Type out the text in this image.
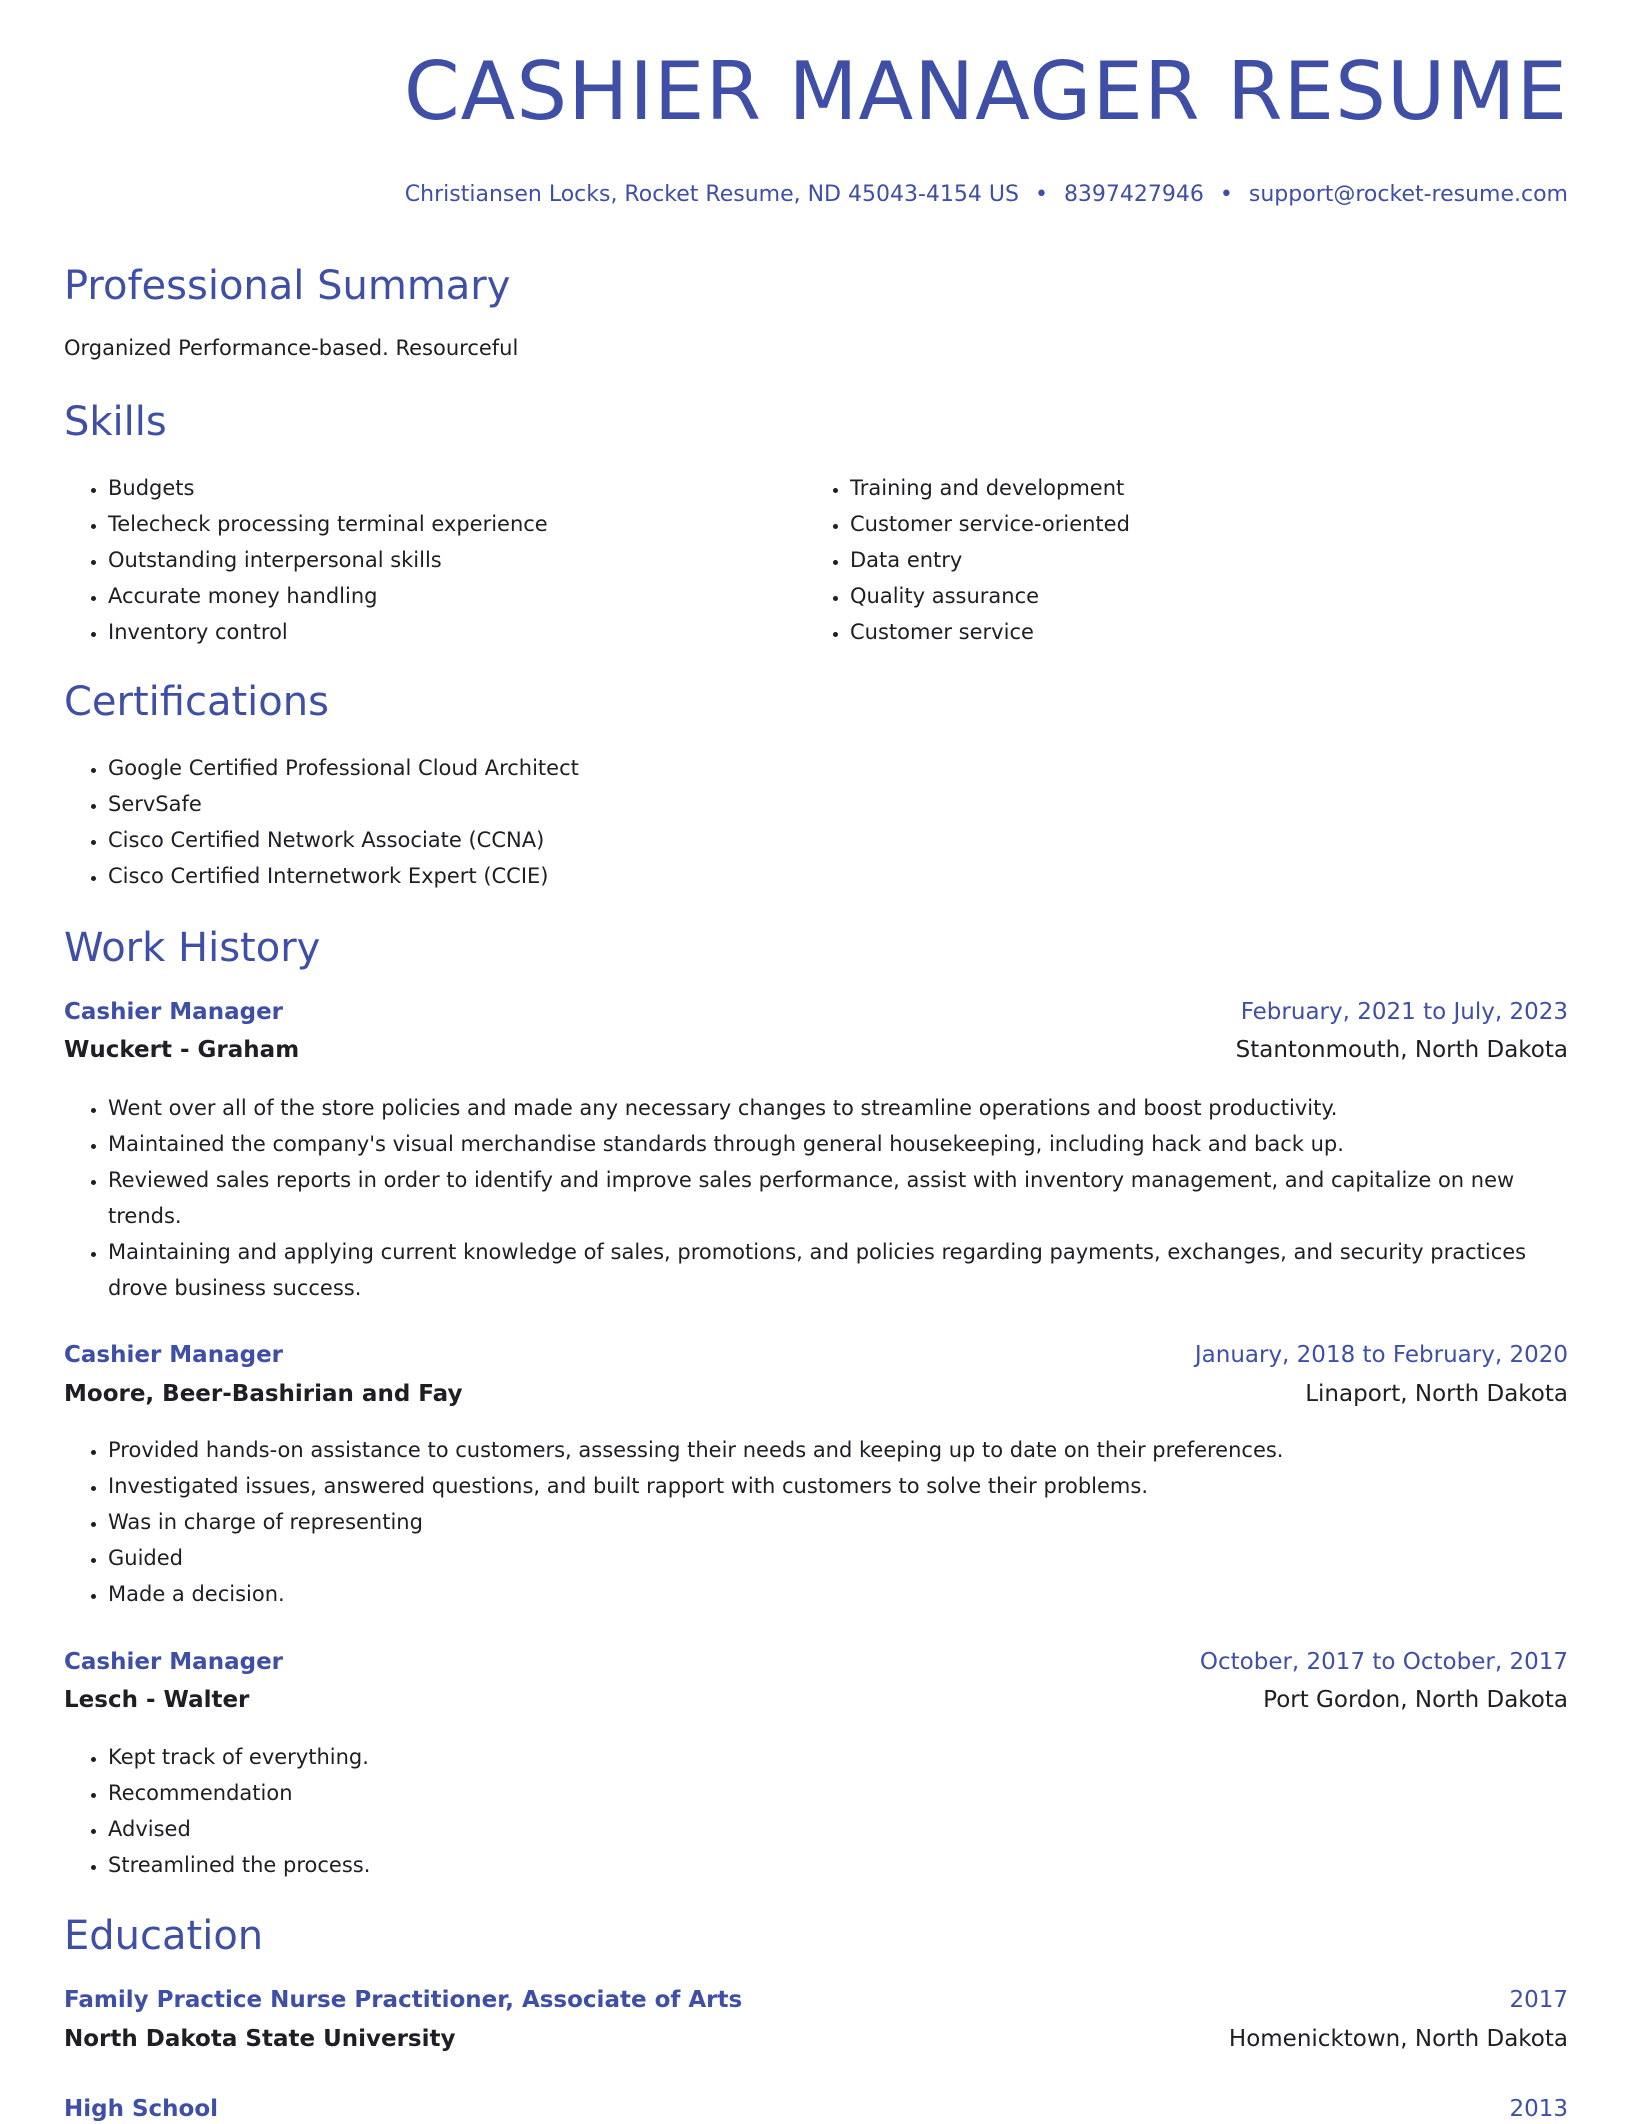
CASHIER MANAGER RESUME
Christiansen Locks, Rocket Resume, ND 45043-4154 US • 8397427946 • support@rocket-resume.com
Professional Summary
Organized Performance-based. Resourceful
Skills
• Budgets
• Telecheck processing terminal experience
• Outstanding interpersonal skills
• Accurate money handling
• Inventory control
• Training and development
• Customer service-oriented
• Data entry
• Quality assurance
• Customer service
Certifications
• Google Certified Professional Cloud Architect
• ServSafe
• Cisco Certified Network Associate (CCNA)
• Cisco Certified Internetwork Expert (CCIE)
Work History
Cashier Manager	February, 2021 to July, 2023
Wuckert - Graham	Stantonmouth, North Dakota
• Went over all of the store policies and made any necessary changes to streamline operations and boost productivity.
• Maintained the company's visual merchandise standards through general housekeeping, including hack and back up.
• Reviewed sales reports in order to identify and improve sales performance, assist with inventory management, and capitalize on new trends.
• Maintaining and applying current knowledge of sales, promotions, and policies regarding payments, exchanges, and security practices drove business success.
Cashier Manager	January, 2018 to February, 2020
Moore, Beer-Bashirian and Fay	Linaport, North Dakota
• Provided hands-on assistance to customers, assessing their needs and keeping up to date on their preferences.
• Investigated issues, answered questions, and built rapport with customers to solve their problems.
• Was in charge of representing
• Guided
• Made a decision.
Cashier Manager	October, 2017 to October, 2017
Lesch - Walter	Port Gordon, North Dakota
• Kept track of everything.
• Recommendation
• Advised
• Streamlined the process.
Education
Family Practice Nurse Practitioner, Associate of Arts	2017
North Dakota State University	Homenicktown, North Dakota
High School	2013
